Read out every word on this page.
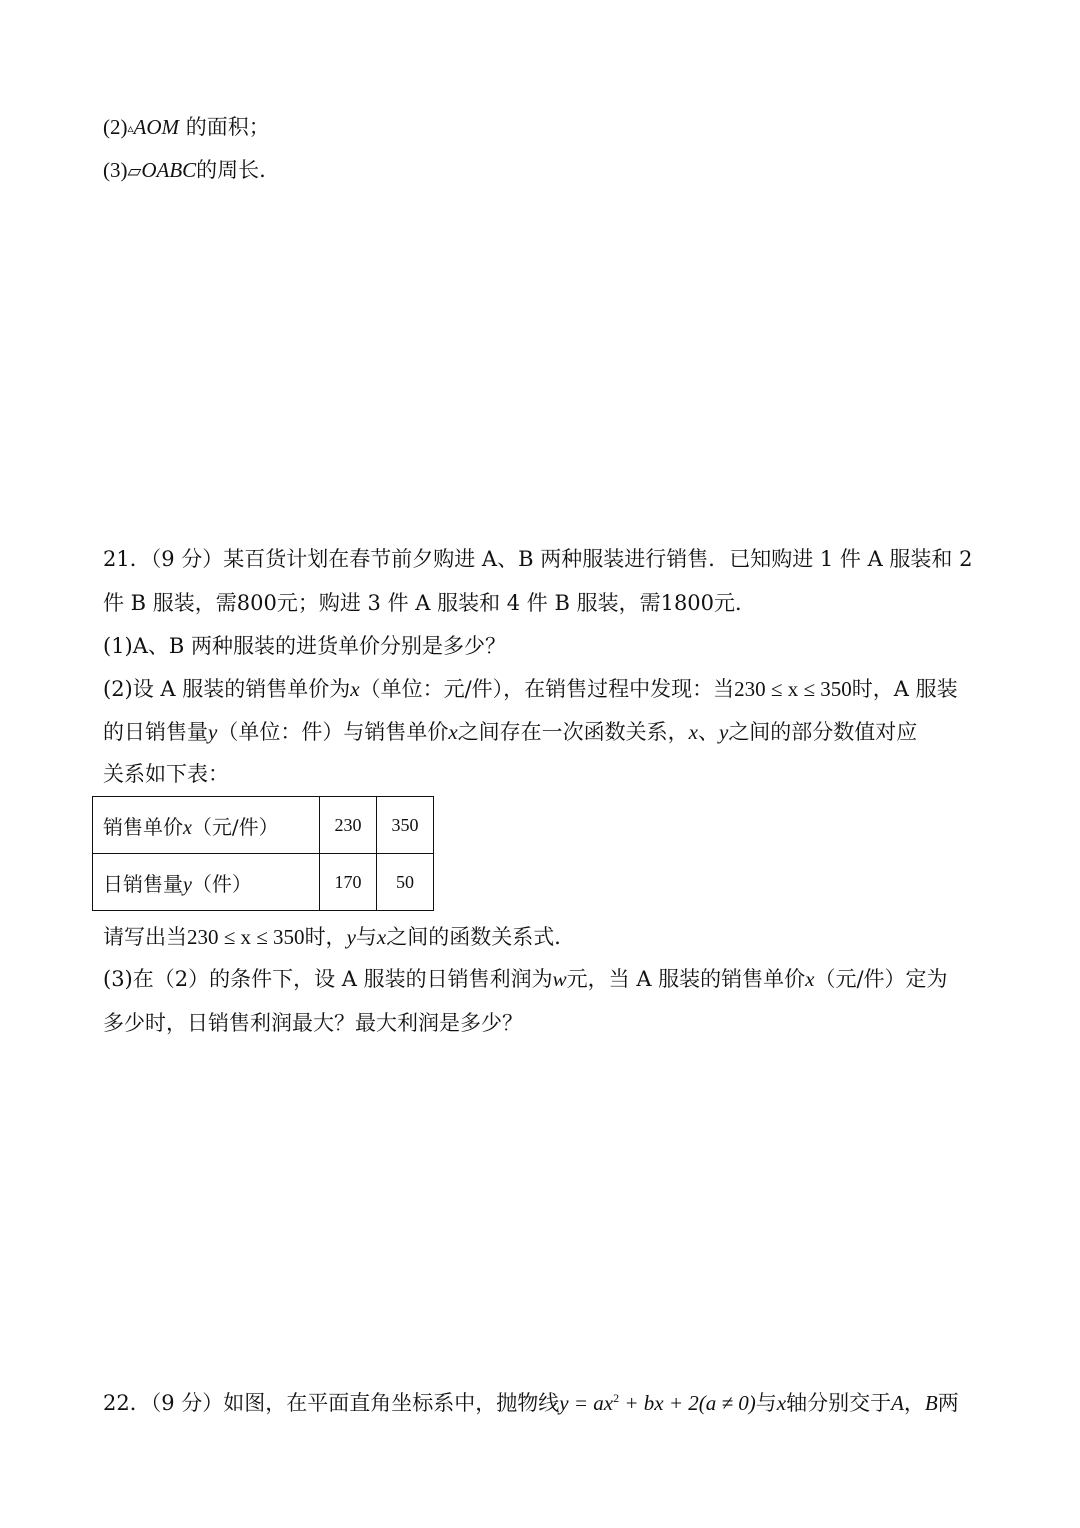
(2)▵AOM 的面积；
(3)▱OABC的周长.
21．（9 分）某百货计划在春节前夕购进 A、B 两种服装进行销售．已知购进 1 件 A 服装和 2
件 B 服装，需800元；购进 3 件 A 服装和 4 件 B 服装，需1800元．
(1)A、B 两种服装的进货单价分别是多少？
(2)设 A 服装的销售单价为x（单位：元/件），在销售过程中发现：当230 ≤ x ≤ 350时，A 服装
的日销售量y（单位：件）与销售单价x之间存在一次函数关系，x、y之间的部分数值对应
关系如下表：
销售单价x（元/件）	230	350
日销售量y（件）	170	50
请写出当230 ≤ x ≤ 350时，y与x之间的函数关系式．
(3)在（2）的条件下，设 A 服装的日销售利润为w元，当 A 服装的销售单价x（元/件）定为
多少时，日销售利润最大？最大利润是多少？
22．（9 分）如图，在平面直角坐标系中，抛物线$y = ax^2$ + bx + 2(a ≠ 0)与x轴分别交于A，B两
